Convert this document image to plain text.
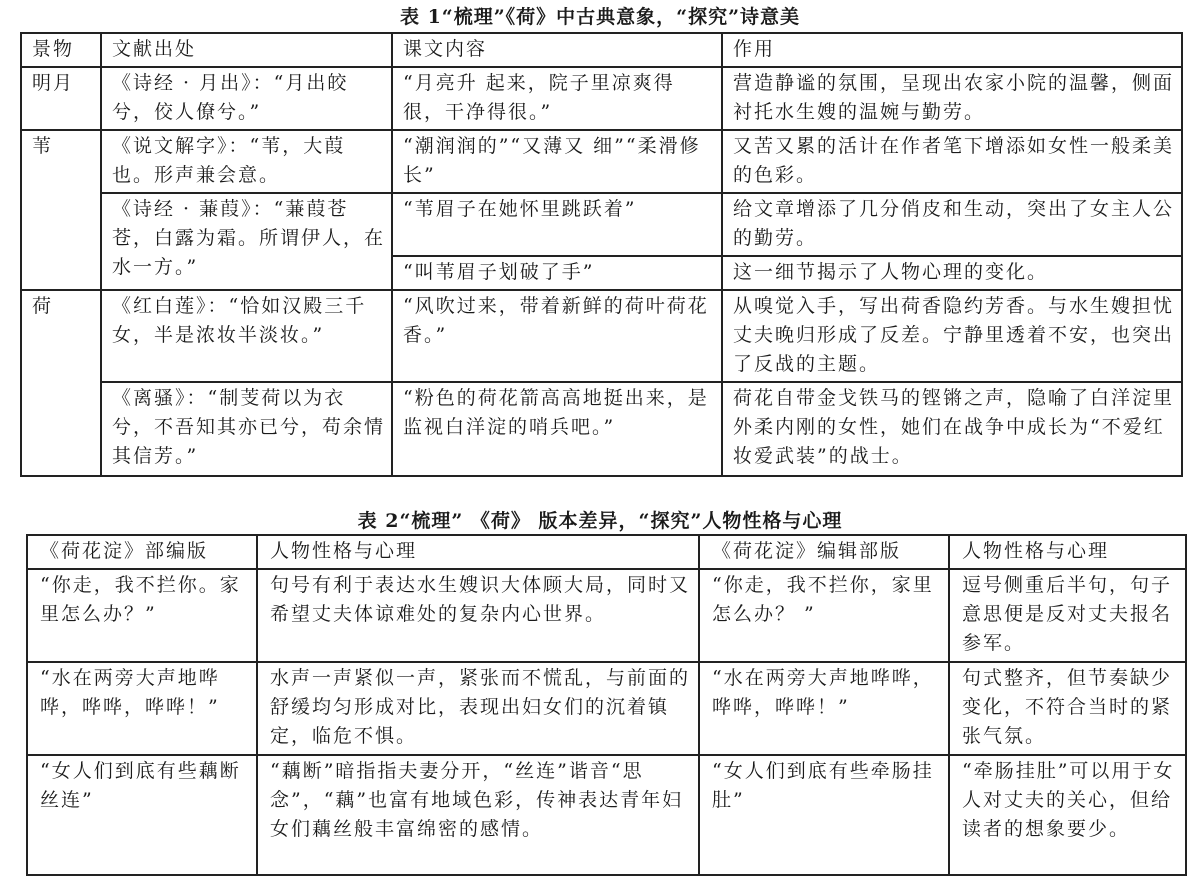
表 1“梳理”《荷》中古典意象，“探究”诗意美
景物	文献出处	课文内容	作用
明月	《诗经 · 月出》：“月出皎兮，佼人僚兮。”	“月亮升 起来，院子里凉爽得很，干净得很。”	营造静谧的氛围，呈现出农家小院的温馨，侧面衬托水生嫂的温婉与勤劳。
苇	《说文解字》：“苇，大葭也。形声兼会意。	“潮润润的”“又薄又 细”“柔滑修长”	又苦又累的活计在作者笔下增添如女性一般柔美的色彩。
	《诗经 · 蒹葭》：“蒹葭苍苍，白露为霜。所谓伊人，在水一方。”	“苇眉子在她怀里跳跃着”	给文章增添了几分俏皮和生动，突出了女主人公的勤劳。
		“叫苇眉子划破了手”	这一细节揭示了人物心理的变化。
荷	《红白莲》：“恰如汉殿三千女，半是浓妆半淡妆。”	“风吹过来，带着新鲜的荷叶荷花香。”	从嗅觉入手，写出荷香隐约芳香。与水生嫂担忧丈夫晚归形成了反差。宁静里透着不安，也突出了反战的主题。
	《离骚》：“制芰荷以为衣兮，不吾知其亦已兮，苟余情其信芳。”	“粉色的荷花箭高高地挺出来，是监视白洋淀的哨兵吧。”	荷花自带金戈铁马的铿锵之声，隐喻了白洋淀里外柔内刚的女性，她们在战争中成长为“不爱红妆爱武装”的战士。
表 2“梳理” 《荷》 版本差异，“探究”人物性格与心理
《荷花淀》部编版	人物性格与心理	《荷花淀》编辑部版	人物性格与心理
“你走，我不拦你。家里怎么办？”	句号有利于表达水生嫂识大体顾大局，同时又希望丈夫体谅难处的复杂内心世界。	“你走，我不拦你，家里怎么办？ ”	逗号侧重后半句，句子意思便是反对丈夫报名参军。
“水在两旁大声地哗哗，哗哗，哗哗！”	水声一声紧似一声，紧张而不慌乱，与前面的舒缓均匀形成对比，表现出妇女们的沉着镇定，临危不惧。	“水在两旁大声地哗哗，哗哗，哗哗！”	句式整齐，但节奏缺少变化，不符合当时的紧张气氛。
“女人们到底有些藕断丝连”	“藕断”暗指指夫妻分开，“丝连”谐音“思念”，“藕”也富有地域色彩，传神表达青年妇女们藕丝般丰富绵密的感情。	“女人们到底有些牵肠挂肚”	“牵肠挂肚”可以用于女人对丈夫的关心，但给读者的想象要少。
